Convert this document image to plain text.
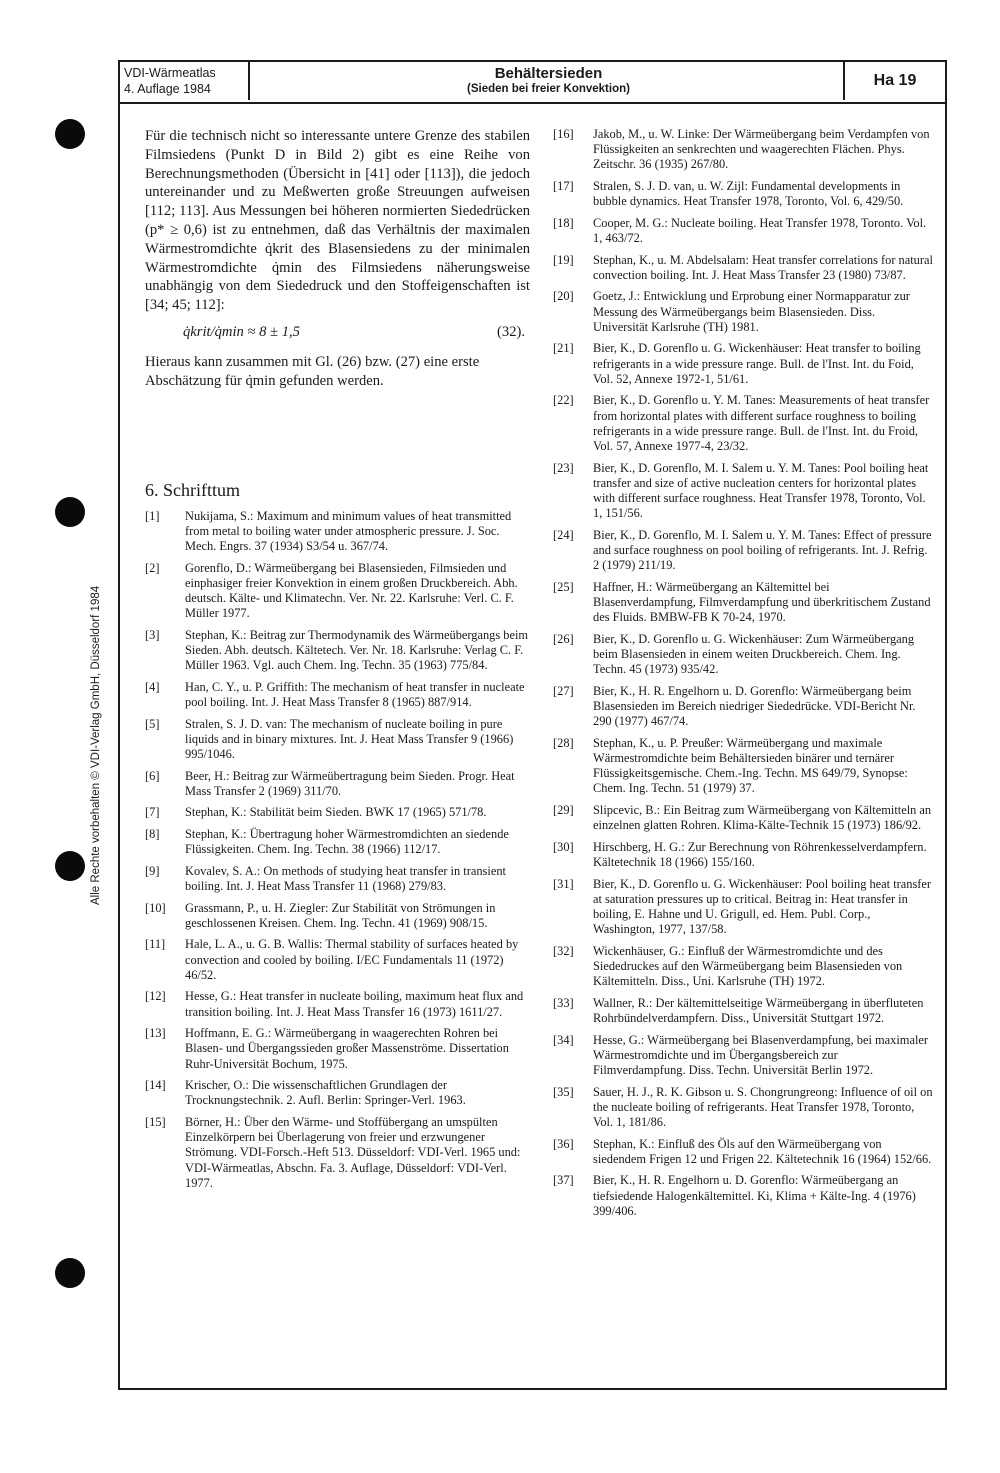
Alle Rechte vorbehalten © VDI-Verlag GmbH, Düsseldorf 1984
VDI-Wärmeatlas
4. Auflage 1984
Behältersieden
(Sieden bei freier Konvektion)	Ha 19

Für die technisch nicht so interessante untere Grenze des stabilen Filmsiedens (Punkt D in Bild 2) gibt es eine Reihe von Berechnungsmethoden (Übersicht in [41] oder [113]), die jedoch untereinander und zu Meßwerten große Streuungen aufweisen [112; 113]. Aus Messungen bei höheren normierten Siededrücken (p* ≥ 0,6) ist zu entnehmen, daß das Verhältnis der maximalen Wärmestromdichte q̇krit des Blasensiedens zu der minimalen Wärmestromdichte q̇min des Filmsiedens näherungsweise unabhängig von dem Siededruck und den Stoffeigenschaften ist [34; 45; 112]:

q̇krit/q̇min ≈ 8 ± 1,5	(32).

Hieraus kann zusammen mit Gl. (26) bzw. (27) eine erste Abschätzung für q̇min gefunden werden.

6. Schrifttum
[1]	Nukijama, S.: Maximum and minimum values of heat transmitted from metal to boiling water under atmospheric pressure. J. Soc. Mech. Engrs. 37 (1934) S3/54 u. 367/74.
[2]	Gorenflo, D.: Wärmeübergang bei Blasensieden, Filmsieden und einphasiger freier Konvektion in einem großen Druckbereich. Abh. deutsch. Kälte- und Klimatechn. Ver. Nr. 22. Karlsruhe: Verl. C. F. Müller 1977.
[3]	Stephan, K.: Beitrag zur Thermodynamik des Wärmeübergangs beim Sieden. Abh. deutsch. Kältetech. Ver. Nr. 18. Karlsruhe: Verlag C. F. Müller 1963. Vgl. auch Chem. Ing. Techn. 35 (1963) 775/84.
[4]	Han, C. Y., u. P. Griffith: The mechanism of heat transfer in nucleate pool boiling. Int. J. Heat Mass Transfer 8 (1965) 887/914.
[5]	Stralen, S. J. D. van: The mechanism of nucleate boiling in pure liquids and in binary mixtures. Int. J. Heat Mass Transfer 9 (1966) 995/1046.
[6]	Beer, H.: Beitrag zur Wärmeübertragung beim Sieden. Progr. Heat Mass Transfer 2 (1969) 311/70.
[7]	Stephan, K.: Stabilität beim Sieden. BWK 17 (1965) 571/78.
[8]	Stephan, K.: Übertragung hoher Wärmestromdichten an siedende Flüssigkeiten. Chem. Ing. Techn. 38 (1966) 112/17.
[9]	Kovalev, S. A.: On methods of studying heat transfer in transient boiling. Int. J. Heat Mass Transfer 11 (1968) 279/83.
[10]	Grassmann, P., u. H. Ziegler: Zur Stabilität von Strömungen in geschlossenen Kreisen. Chem. Ing. Techn. 41 (1969) 908/15.
[11]	Hale, L. A., u. G. B. Wallis: Thermal stability of surfaces heated by convection and cooled by boiling. I/EC Fundamentals 11 (1972) 46/52.
[12]	Hesse, G.: Heat transfer in nucleate boiling, maximum heat flux and transition boiling. Int. J. Heat Mass Transfer 16 (1973) 1611/27.
[13]	Hoffmann, E. G.: Wärmeübergang in waagerechten Rohren bei Blasen- und Übergangssieden großer Massenströme. Dissertation Ruhr-Universität Bochum, 1975.
[14]	Krischer, O.: Die wissenschaftlichen Grundlagen der Trocknungstechnik. 2. Aufl. Berlin: Springer-Verl. 1963.
[15]	Börner, H.: Über den Wärme- und Stoffübergang an umspülten Einzelkörpern bei Überlagerung von freier und erzwungener Strömung. VDI-Forsch.-Heft 513. Düsseldorf: VDI-Verl. 1965 und: VDI-Wärmeatlas, Abschn. Fa. 3. Auflage, Düsseldorf: VDI-Verl. 1977.
[16]	Jakob, M., u. W. Linke: Der Wärmeübergang beim Verdampfen von Flüssigkeiten an senkrechten und waagerechten Flächen. Phys. Zeitschr. 36 (1935) 267/80.
[17]	Stralen, S. J. D. van, u. W. Zijl: Fundamental developments in bubble dynamics. Heat Transfer 1978, Toronto, Vol. 6, 429/50.
[18]	Cooper, M. G.: Nucleate boiling. Heat Transfer 1978, Toronto. Vol. 1, 463/72.
[19]	Stephan, K., u. M. Abdelsalam: Heat transfer correlations for natural convection boiling. Int. J. Heat Mass Transfer 23 (1980) 73/87.
[20]	Goetz, J.: Entwicklung und Erprobung einer Normapparatur zur Messung des Wärmeübergangs beim Blasensieden. Diss. Universität Karlsruhe (TH) 1981.
[21]	Bier, K., D. Gorenflo u. G. Wickenhäuser: Heat transfer to boiling refrigerants in a wide pressure range. Bull. de l'Inst. Int. du Foid, Vol. 52, Annexe 1972-1, 51/61.
[22]	Bier, K., D. Gorenflo u. Y. M. Tanes: Measurements of heat transfer from horizontal plates with different surface roughness to boiling refrigerants in a wide pressure range. Bull. de l'Inst. Int. du Froid, Vol. 57, Annexe 1977-4, 23/32.
[23]	Bier, K., D. Gorenflo, M. I. Salem u. Y. M. Tanes: Pool boiling heat transfer and size of active nucleation centers for horizontal plates with different surface roughness. Heat Transfer 1978, Toronto, Vol. 1, 151/56.
[24]	Bier, K., D. Gorenflo, M. I. Salem u. Y. M. Tanes: Effect of pressure and surface roughness on pool boiling of refrigerants. Int. J. Refrig. 2 (1979) 211/19.
[25]	Haffner, H.: Wärmeübergang an Kältemittel bei Blasenverdampfung, Filmverdampfung und überkritischem Zustand des Fluids. BMBW-FB K 70-24, 1970.
[26]	Bier, K., D. Gorenflo u. G. Wickenhäuser: Zum Wärmeübergang beim Blasensieden in einem weiten Druckbereich. Chem. Ing. Techn. 45 (1973) 935/42.
[27]	Bier, K., H. R. Engelhorn u. D. Gorenflo: Wärmeübergang beim Blasensieden im Bereich niedriger Siededrücke. VDI-Bericht Nr. 290 (1977) 467/74.
[28]	Stephan, K., u. P. Preußer: Wärmeübergang und maximale Wärmestromdichte beim Behältersieden binärer und ternärer Flüssigkeitsgemische. Chem.-Ing. Techn. MS 649/79, Synopse: Chem. Ing. Techn. 51 (1979) 37.
[29]	Slipcevic, B.: Ein Beitrag zum Wärmeübergang von Kältemitteln an einzelnen glatten Rohren. Klima-Kälte-Technik 15 (1973) 186/92.
[30]	Hirschberg, H. G.: Zur Berechnung von Röhrenkesselverdampfern. Kältetechnik 18 (1966) 155/160.
[31]	Bier, K., D. Gorenflo u. G. Wickenhäuser: Pool boiling heat transfer at saturation pressures up to critical. Beitrag in: Heat transfer in boiling, E. Hahne und U. Grigull, ed. Hem. Publ. Corp., Washington, 1977, 137/58.
[32]	Wickenhäuser, G.: Einfluß der Wärmestromdichte und des Siededruckes auf den Wärmeübergang beim Blasensieden von Kältemitteln. Diss., Uni. Karlsruhe (TH) 1972.
[33]	Wallner, R.: Der kältemittelseitige Wärmeübergang in überfluteten Rohrbündelverdampfern. Diss., Universität Stuttgart 1972.
[34]	Hesse, G.: Wärmeübergang bei Blasenverdampfung, bei maximaler Wärmestromdichte und im Übergangsbereich zur Filmverdampfung. Diss. Techn. Universität Berlin 1972.
[35]	Sauer, H. J., R. K. Gibson u. S. Chongrungreong: Influence of oil on the nucleate boiling of refrigerants. Heat Transfer 1978, Toronto, Vol. 1, 181/86.
[36]	Stephan, K.: Einfluß des Öls auf den Wärmeübergang von siedendem Frigen 12 und Frigen 22. Kältetechnik 16 (1964) 152/66.
[37]	Bier, K., H. R. Engelhorn u. D. Gorenflo: Wärmeübergang an tiefsiedende Halogenkältemittel. Ki, Klima + Kälte-Ing. 4 (1976) 399/406.
